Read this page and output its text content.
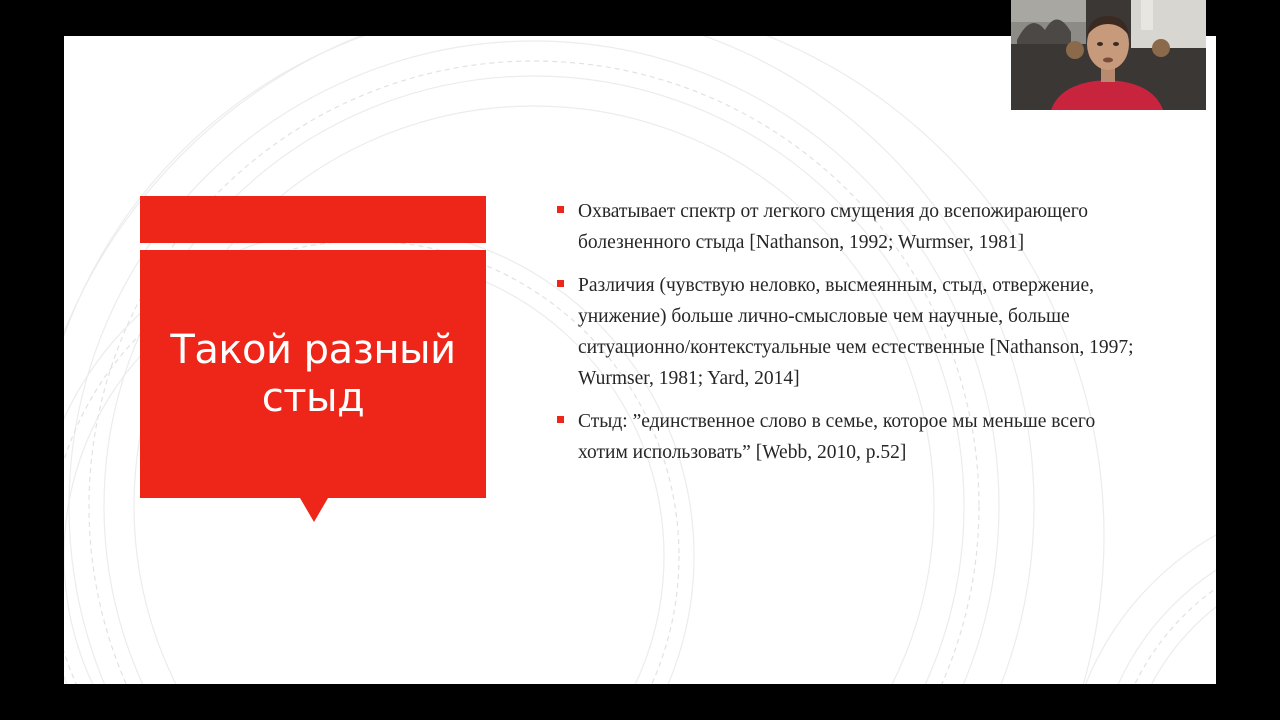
Такой разный стыд
Охватывает спектр от легкого смущения до всепожирающего болезненного стыда [Nathanson, 1992; Wurmser, 1981]
Различия (чувствую неловко, высмеянным, стыд, отвержение, унижение) больше лично-смысловые чем научные, больше ситуационно/контекстуальные чем естественные [Nathanson, 1997; Wurmser, 1981; Yard, 2014]
Стыд: ”единственное слово в семье, которое мы меньше всего хотим использовать” [Webb, 2010, p.52]
